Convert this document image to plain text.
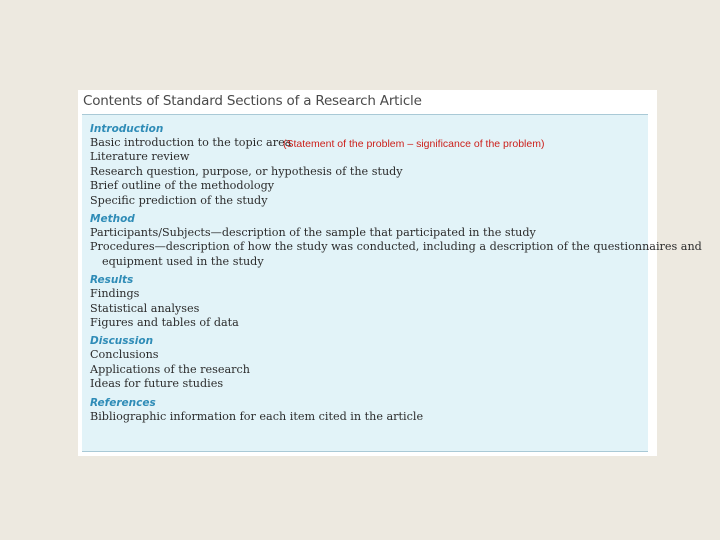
Contents of Standard Sections of a Research Article
Introduction
Basic introduction to the topic area
Literature review
Research question, purpose, or hypothesis of the study
Brief outline of the methodology
Specific prediction of the study
Method
Participants/Subjects—description of the sample that participated in the study
Procedures—description of how the study was conducted, including a description of the questionnaires and
equipment used in the study
Results
Findings
Statistical analyses
Figures and tables of data
Discussion
Conclusions
Applications of the research
Ideas for future studies
References
Bibliographic information for each item cited in the article
(Statement of the problem – significance of the problem)
